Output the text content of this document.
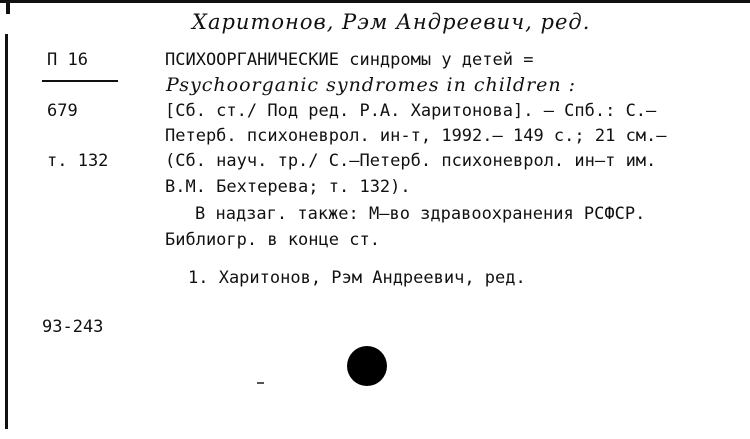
Харитонов, Рэм Андреевич, ред.
Psychoorganic syndromes in children :
П 16
679
т. 132
93-243
ПСИХООРГАНИЧЕСКИЕ синдромы у детей =
[Сб. ст./ Под ред. Р.А. Харитонова]. – Спб.: С.–
Петерб. психоневрол. ин-т, 1992.– 149 с.; 21 см.–
(Сб. науч. тр./ С.–Петерб. психоневрол. ин–т им.
В.М. Бехтерева; т. 132).
В надзаг. также: М–во здравоохранения РСФСР.
Библиогр. в конце ст.
1. Харитонов, Рэм Андреевич, ред.
